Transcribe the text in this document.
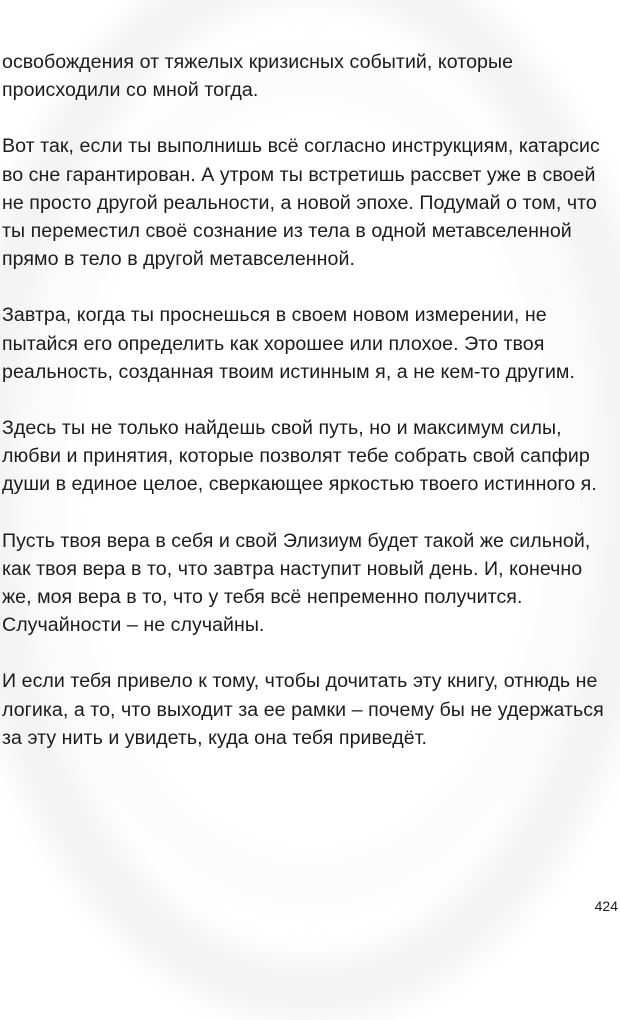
освобождения от тяжелых кризисных событий, которые происходили со мной тогда.

Вот так, если ты выполнишь всё согласно инструкциям, катарсис во сне гарантирован. А утром ты встретишь рассвет уже в своей не просто другой реальности, а новой эпохе. Подумай о том, что ты переместил своё сознание из тела в одной метавселенной прямо в тело в другой метавселенной.

Завтра, когда ты проснешься в своем новом измерении, не пытайся его определить как хорошее или плохое. Это твоя реальность, созданная твоим истинным я, а не кем-то другим.

Здесь ты не только найдешь свой путь, но и максимум силы, любви и принятия, которые позволят тебе собрать свой сапфир души в единое целое, сверкающее яркостью твоего истинного я.

Пусть твоя вера в себя и свой Элизиум будет такой же сильной, как твоя вера в то, что завтра наступит новый день. И, конечно же, моя вера в то, что у тебя всё непременно получится. Случайности – не случайны.

И если тебя привело к тому, чтобы дочитать эту книгу, отнюдь не логика, а то, что выходит за ее рамки – почему бы не удержаться за эту нить и увидеть, куда она тебя приведёт.

424
